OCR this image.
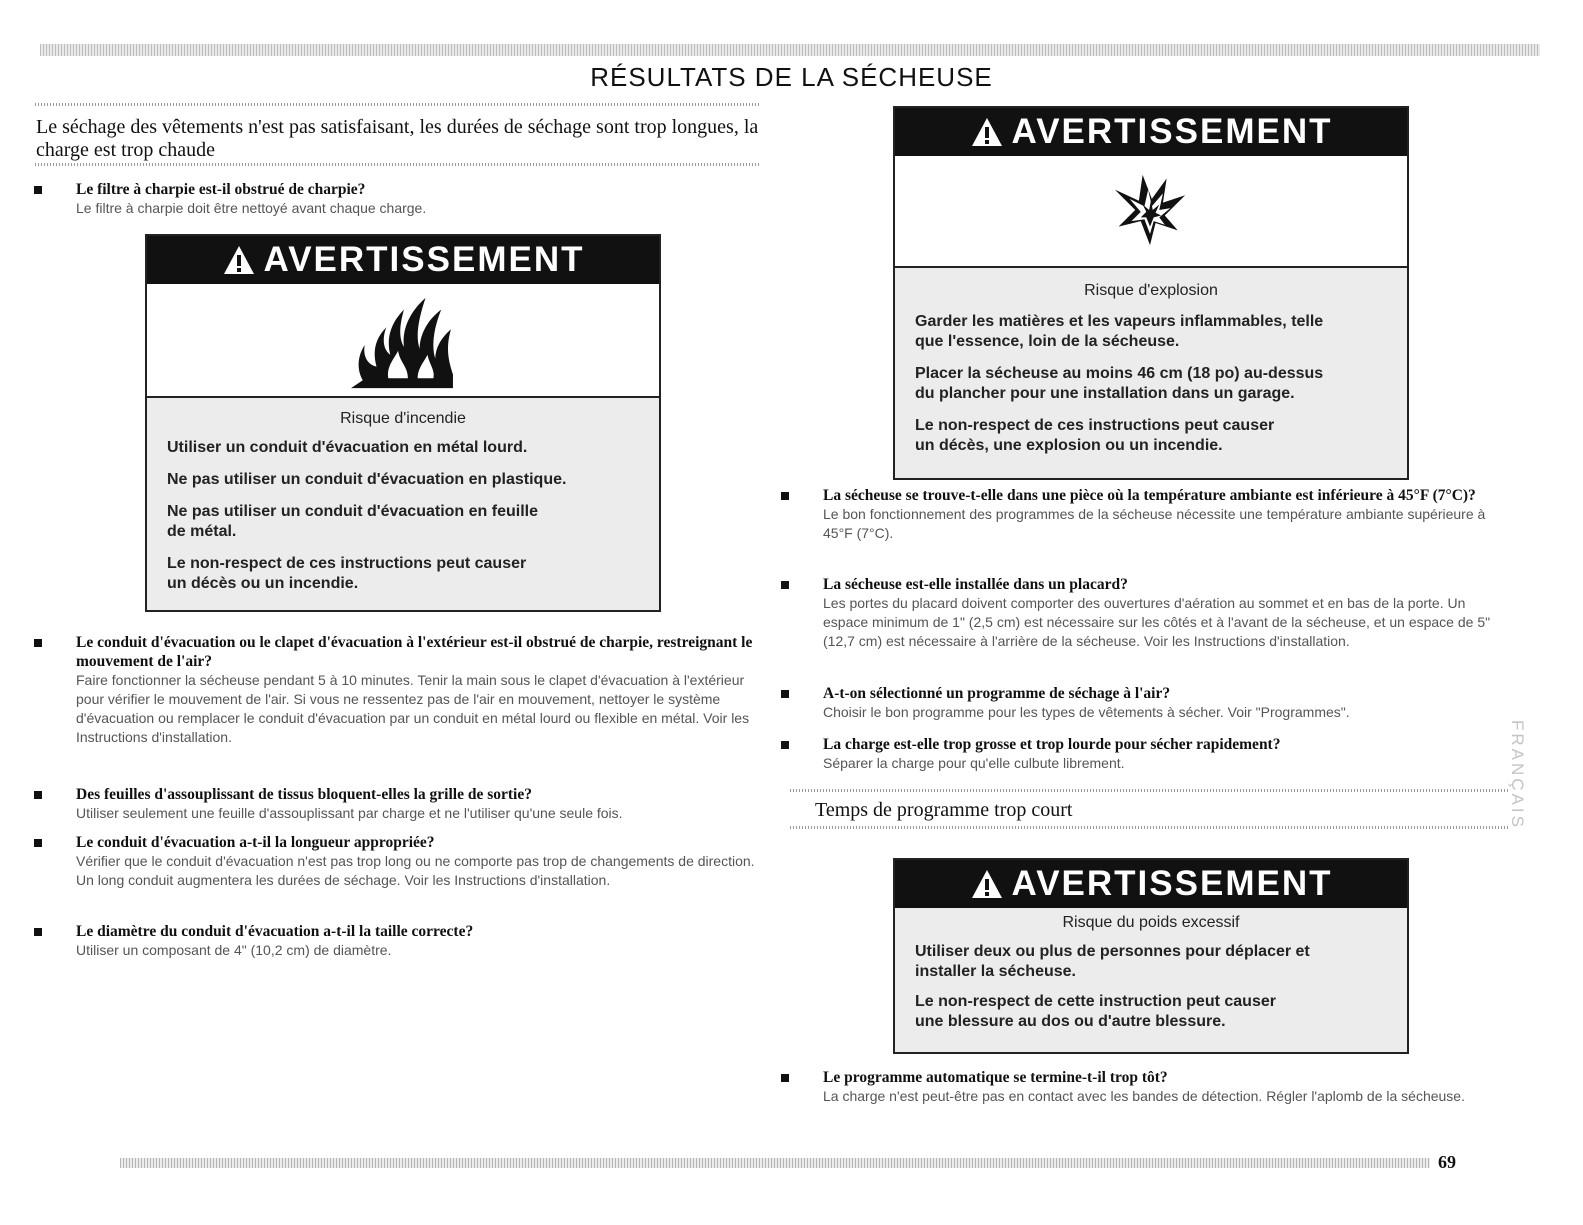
RÉSULTATS DE LA SÉCHEUSE
Le séchage des vêtements n'est pas satisfaisant, les durées de séchage sont trop longues, la charge est trop chaude
Le filtre à charpie est-il obstrué de charpie?
Le filtre à charpie doit être nettoyé avant chaque charge.
AVERTISSEMENT
Risque d'incendie
Utiliser un conduit d'évacuation en métal lourd.
Ne pas utiliser un conduit d'évacuation en plastique.
Ne pas utiliser un conduit d'évacuation en feuille
de métal.
Le non-respect de ces instructions peut causer
un décès ou un incendie.
Le conduit d'évacuation ou le clapet d'évacuation à l'extérieur est-il obstrué de charpie, restreignant le mouvement de l'air?
Faire fonctionner la sécheuse pendant 5 à 10 minutes. Tenir la main sous le clapet d'évacuation à l'extérieur pour vérifier le mouvement de l'air. Si vous ne ressentez pas de l'air en mouvement, nettoyer le système d'évacuation ou remplacer le conduit d'évacuation par un conduit en métal lourd ou flexible en métal. Voir les Instructions d'installation.
Des feuilles d'assouplissant de tissus bloquent-elles la grille de sortie?
Utiliser seulement une feuille d'assouplissant par charge et ne l'utiliser qu'une seule fois.
Le conduit d'évacuation a-t-il la longueur appropriée?
Vérifier que le conduit d'évacuation n'est pas trop long ou ne comporte pas trop de changements de direction. Un long conduit augmentera les durées de séchage. Voir les Instructions d'installation.
Le diamètre du conduit d'évacuation a-t-il la taille correcte?
Utiliser un composant de 4" (10,2 cm) de diamètre.
AVERTISSEMENT
Risque d'explosion
Garder les matières et les vapeurs inflammables, telle
que l'essence, loin de la sécheuse.
Placer la sécheuse au moins 46 cm (18 po) au-dessus
du plancher pour une installation dans un garage.
Le non-respect de ces instructions peut causer
un décès, une explosion ou un incendie.
La sécheuse se trouve-t-elle dans une pièce où la température ambiante est inférieure à 45°F (7°C)?
Le bon fonctionnement des programmes de la sécheuse nécessite une température ambiante supérieure à 45°F (7°C).
La sécheuse est-elle installée dans un placard?
Les portes du placard doivent comporter des ouvertures d'aération au sommet et en bas de la porte. Un espace minimum de 1" (2,5 cm) est nécessaire sur les côtés et à l'avant de la sécheuse, et un espace de 5" (12,7 cm) est nécessaire à l'arrière de la sécheuse. Voir les Instructions d'installation.
A-t-on sélectionné un programme de séchage à l'air?
Choisir le bon programme pour les types de vêtements à sécher. Voir "Programmes".
La charge est-elle trop grosse et trop lourde pour sécher rapidement?
Séparer la charge pour qu'elle culbute librement.
Temps de programme trop court
AVERTISSEMENT
Risque du poids excessif
Utiliser deux ou plus de personnes pour déplacer et
installer la sécheuse.
Le non-respect de cette instruction peut causer
une blessure au dos ou d'autre blessure.
Le programme automatique se termine-t-il trop tôt?
La charge n'est peut-être pas en contact avec les bandes de détection. Régler l'aplomb de la sécheuse.
FRANÇAIS
69
